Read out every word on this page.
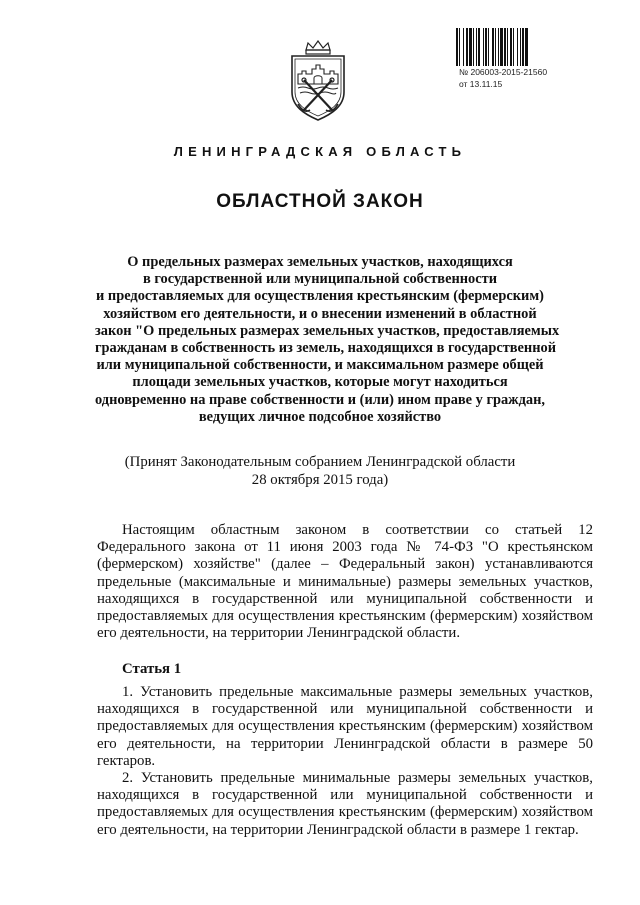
№ 206003-2015-21560
от 13.11.15
ЛЕНИНГРАДСКАЯ ОБЛАСТЬ
ОБЛАСТНОЙ ЗАКОН
О предельных размерах земельных участков, находящихся
в государственной или муниципальной собственности
и предоставляемых для осуществления крестьянским (фермерским)
хозяйством его деятельности, и о внесении изменений в областной
закон "О предельных размерах земельных участков, предоставляемых
гражданам в собственность из земель, находящихся в государственной
или муниципальной собственности, и максимальном размере общей
площади земельных участков, которые могут находиться
одновременно на праве собственности и (или) ином праве у граждан,
ведущих личное подсобное хозяйство
(Принят Законодательным собранием Ленинградской области
28 октября 2015 года)

Настоящим областным законом в соответствии со статьей 12 Федерального закона от 11 июня 2003 года № 74-ФЗ "О крестьянском (фермерском) хозяйстве" (далее – Федеральный закон) устанавливаются предельные (максимальные и минимальные) размеры земельных участков, находящихся в государственной или муниципальной собственности и предоставляемых для осуществления крестьянским (фермерским) хозяйством его деятельности, на территории Ленинградской области.

Статья 1

1. Установить предельные максимальные размеры земельных участков, находящихся в государственной или муниципальной собственности и предоставляемых для осуществления крестьянским (фермерским) хозяйством его деятельности, на территории Ленинградской области в размере 50 гектаров.

2. Установить предельные минимальные размеры земельных участков, находящихся в государственной или муниципальной собственности и предоставляемых для осуществления крестьянским (фермерским) хозяйством его деятельности, на территории Ленинградской области в размере 1 гектар.
